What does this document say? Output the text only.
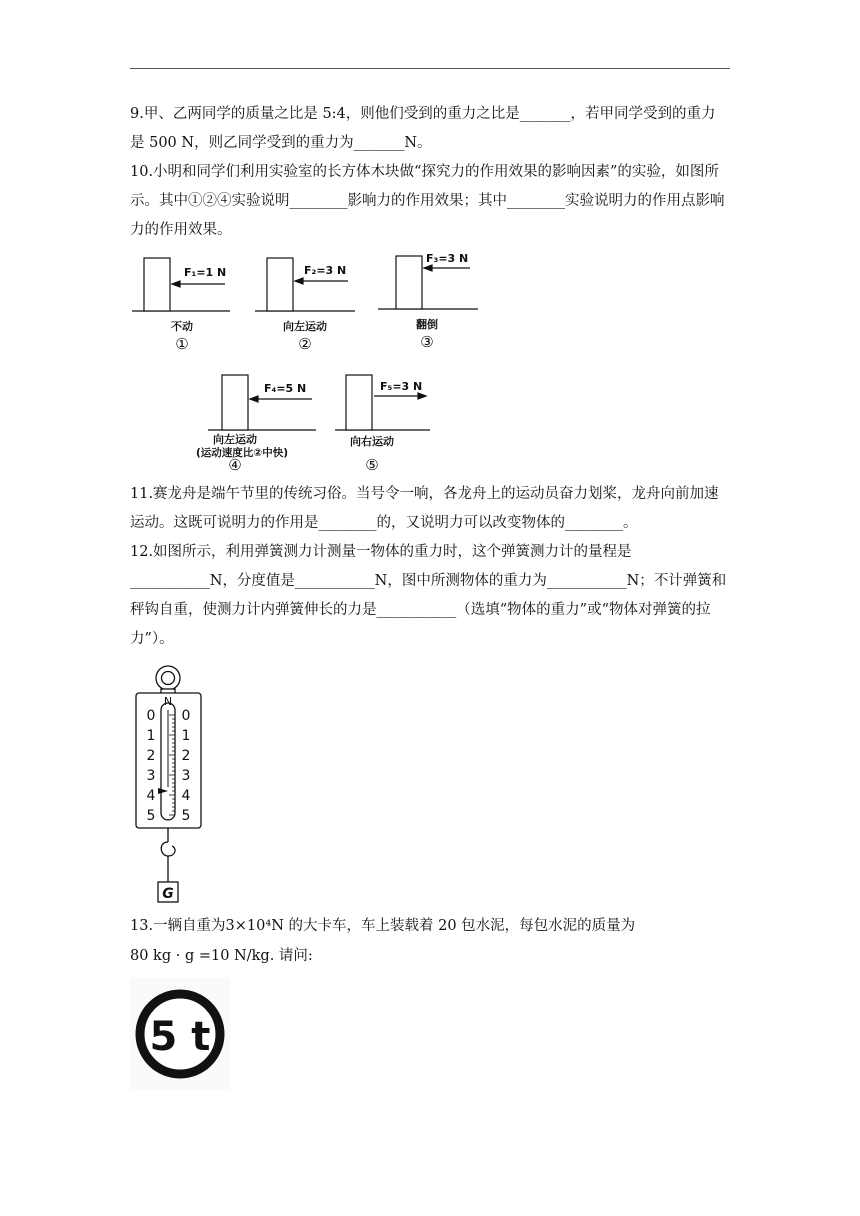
9.甲、乙两同学的质量之比是 5:4，则他们受到的重力之比是_______，若甲同学受到的重力是 500 N，则乙同学受到的重力为_______N。

10.小明和同学们利用实验室的长方体木块做“探究力的作用效果的影响因素”的实验，如图所示。其中①②④实验说明________影响力的作用效果；其中________实验说明力的作用点影响力的作用效果。

F₁=1 N	F₂=3 N
F₃=3 N
F₄=5 N	F₅=3 N
不动	向左运动	翻倒
向左运动
(运动速度比②中快)
向右运动
①	②	③
④	⑤

11.赛龙舟是端午节里的传统习俗。当号令一响，各龙舟上的运动员奋力划桨，龙舟向前加速运动。这既可说明力的作用是________的，又说明力可以改变物体的________。

12.如图所示，利用弹簧测力计测量一物体的重力时，这个弹簧测力计的量程是___________N，分度值是___________N，图中所测物体的重力为___________N；不计弹簧和秤钩自重，使测力计内弹簧伸长的力是___________（选填“物体的重力”或“物体对弹簧的拉力”）。

N
0
1
2
3
4
5
0
1
2
3
4
5
G

13.一辆自重为3×10⁴N 的大卡车，车上装载着 20 包水泥，每包水泥的质量为

80 kg · g =10 N/kg. 请问:

5 t
